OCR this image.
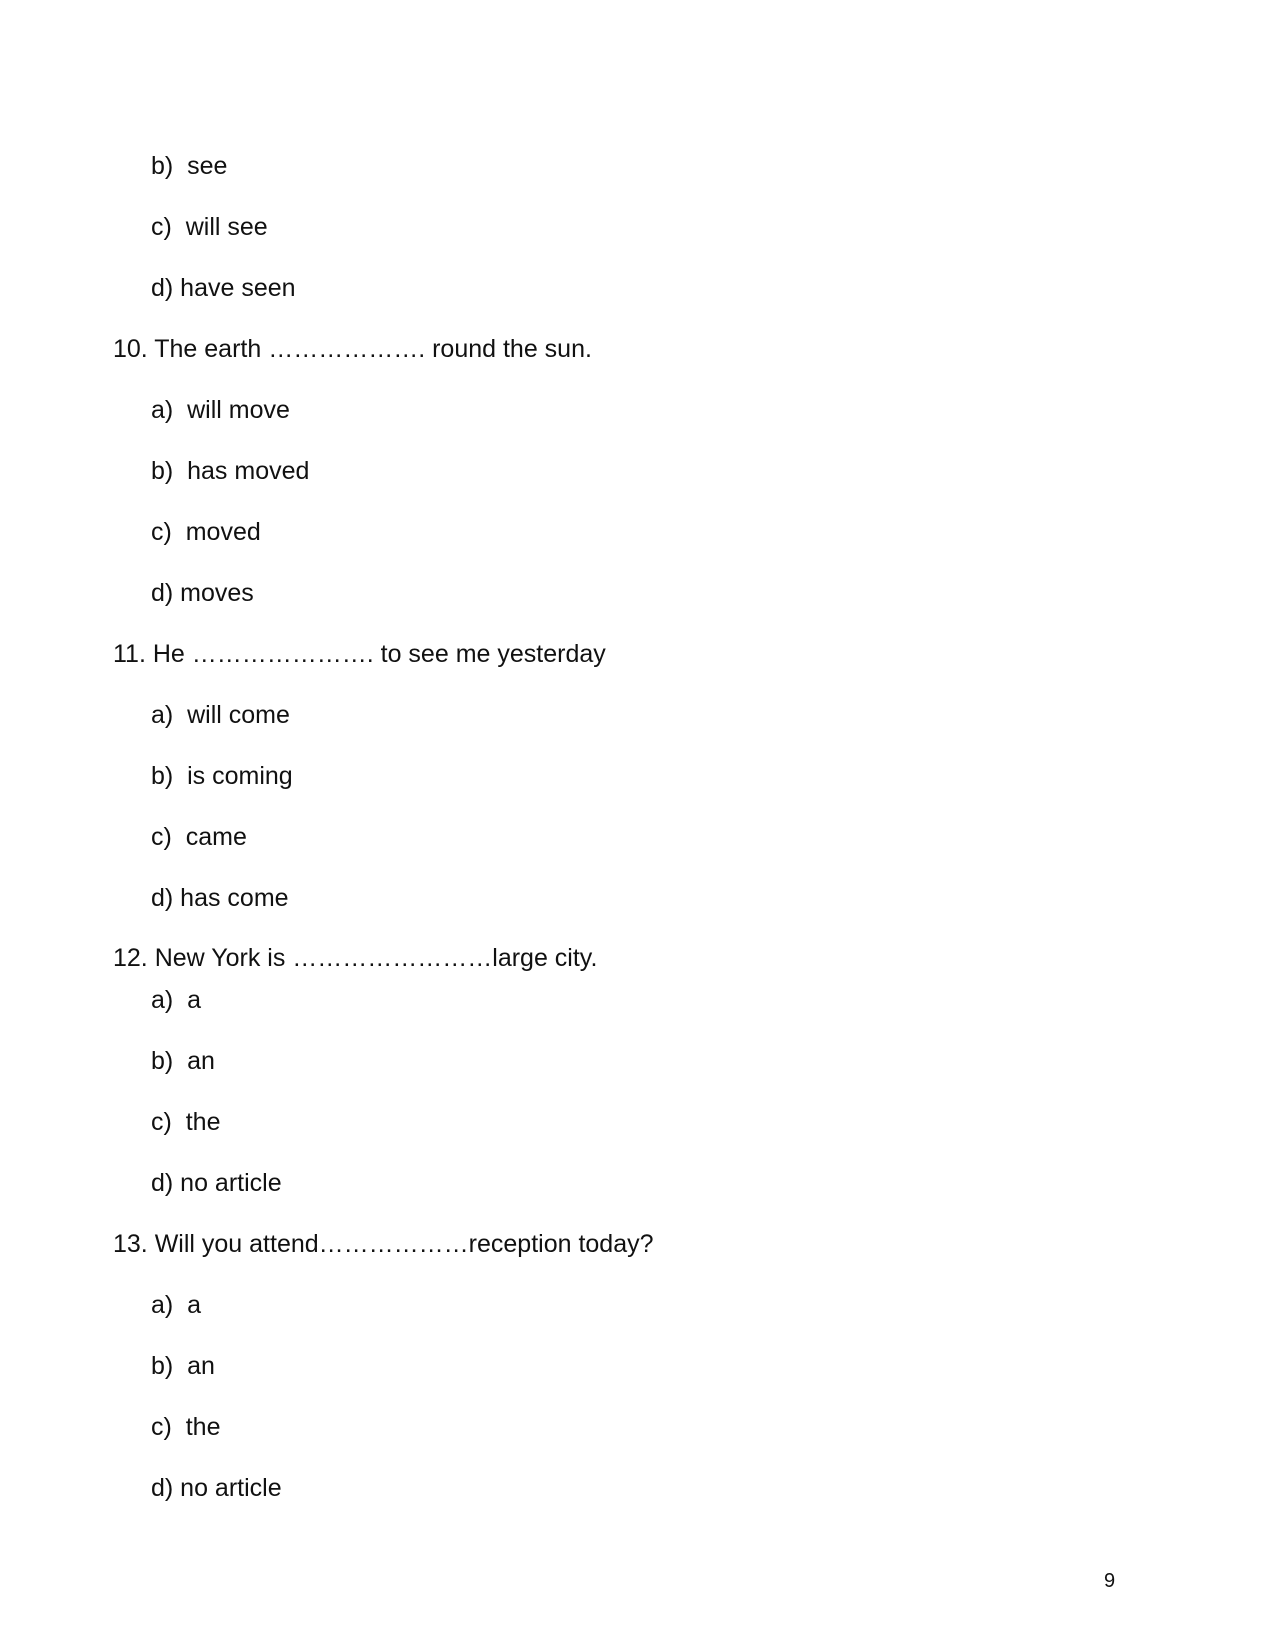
b)  see
c)  will see
d) have seen
10. The earth ………………. round the sun.
a)  will move
b)  has moved
c)  moved
d) moves
11. He …………………. to see me yesterday
a)  will come
b)  is coming
c)  came
d) has come
12. New York is ……………………large city.
a)  a
b)  an
c)  the
d) no article
13. Will you attend………………reception today?
a)  a
b)  an
c)  the
d) no article
9
